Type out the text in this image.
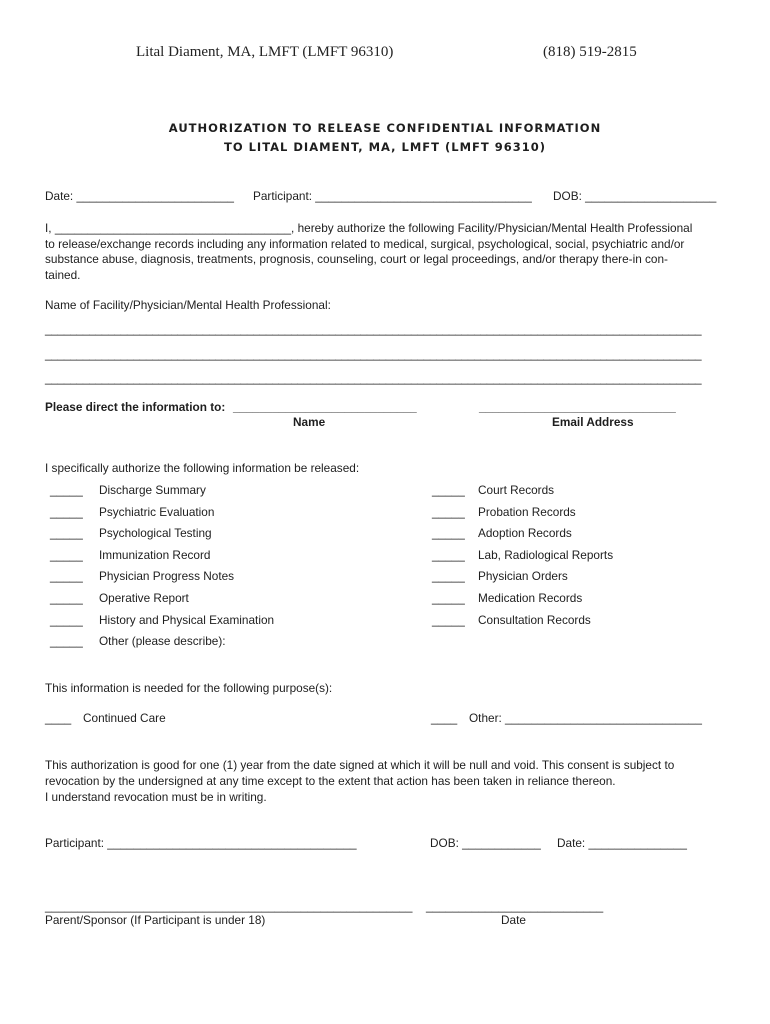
Lital Diament, MA, LMFT (LMFT 96310)	(818) 519-2815
AUTHORIZATION TO RELEASE CONFIDENTIAL INFORMATION
TO LITAL DIAMENT, MA, LMFT (LMFT 96310)
Date: ________________________ Participant: _________________________________ DOB: ____________________
I, ____________________________________, hereby authorize the following Facility/Physician/Mental Health Professional
to release/exchange records including any information related to medical, surgical, psychological, social, psychiatric and/or
substance abuse, diagnosis, treatments, prognosis, counseling, court or legal proceedings, and/or therapy there-in con-
tained.
Name of Facility/Physician/Mental Health Professional:
________________________________________________________________________________________________________
________________________________________________________________________________________________________
________________________________________________________________________________________________________
Please direct the information to: ____________________________	______________________________
Name	Email Address
I specifically authorize the following information be released:
_____ Discharge Summary
_____ Psychiatric Evaluation
_____ Psychological Testing
_____ Immunization Record
_____ Physician Progress Notes
_____ Operative Report
_____ History and Physical Examination
_____ Other (please describe):
_____ Court Records
_____ Probation Records
_____ Adoption Records
_____ Lab, Radiological Reports
_____ Physician Orders
_____ Medication Records
_____ Consultation Records
This information is needed for the following purpose(s):
____ Continued Care	____ Other: ______________________________
This authorization is good for one (1) year from the date signed at which it will be null and void. This consent is subject to
revocation by the undersigned at any time except to the extent that action has been taken in reliance thereon.
I understand revocation must be in writing.
Participant: ______________________________________	DOB: ____________ Date: _______________
________________________________________________________ ___________________________
Parent/Sponsor (If Participant is under 18)	Date
